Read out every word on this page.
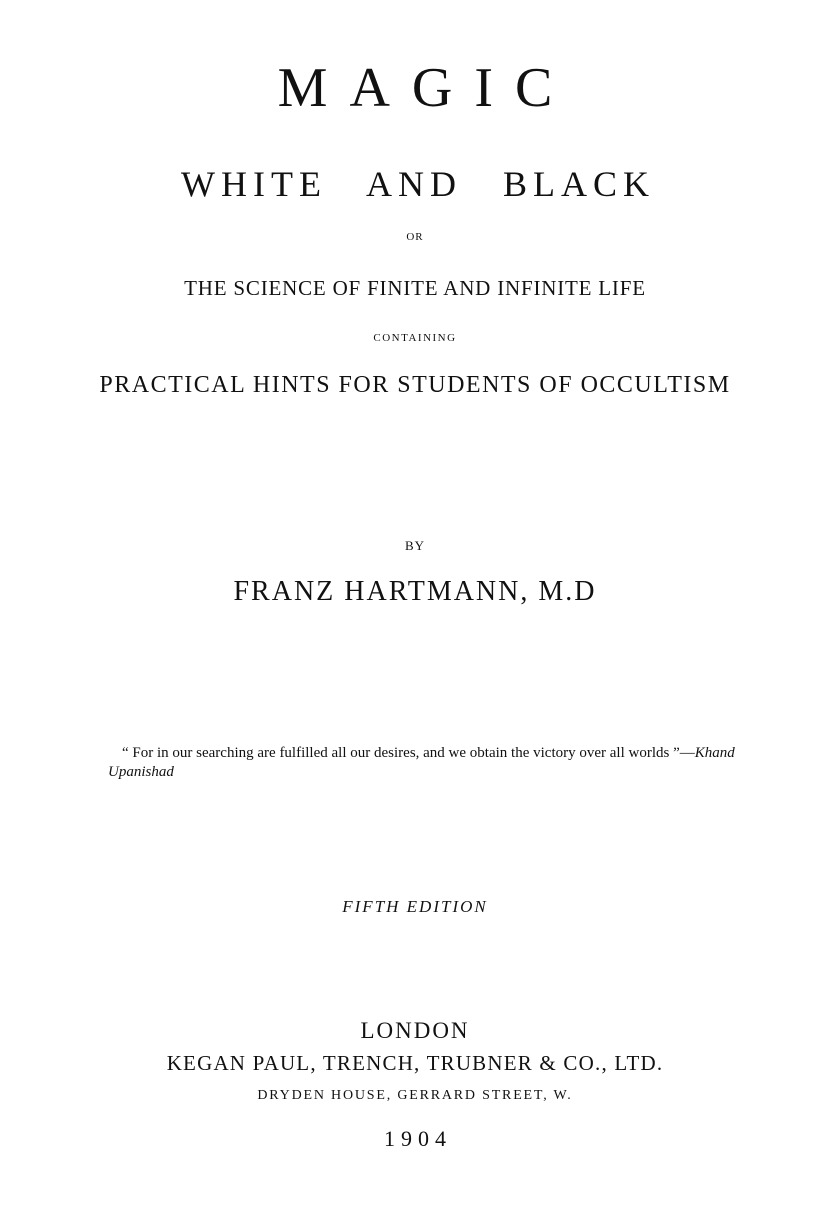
MAGIC
WHITE AND BLACK
OR
THE SCIENCE OF FINITE AND INFINITE LIFE
CONTAINING
PRACTICAL HINTS FOR STUDENTS OF OCCULTISM
BY
FRANZ HARTMANN, M.D
“ For in our searching are fulfilled all our desires, and we obtain the victory over all worlds ”—Khand Upanishad
FIFTH EDITION
LONDON
KEGAN PAUL, TRENCH, TRUBNER & CO., LTD.
DRYDEN HOUSE, GERRARD STREET, W.
1904
